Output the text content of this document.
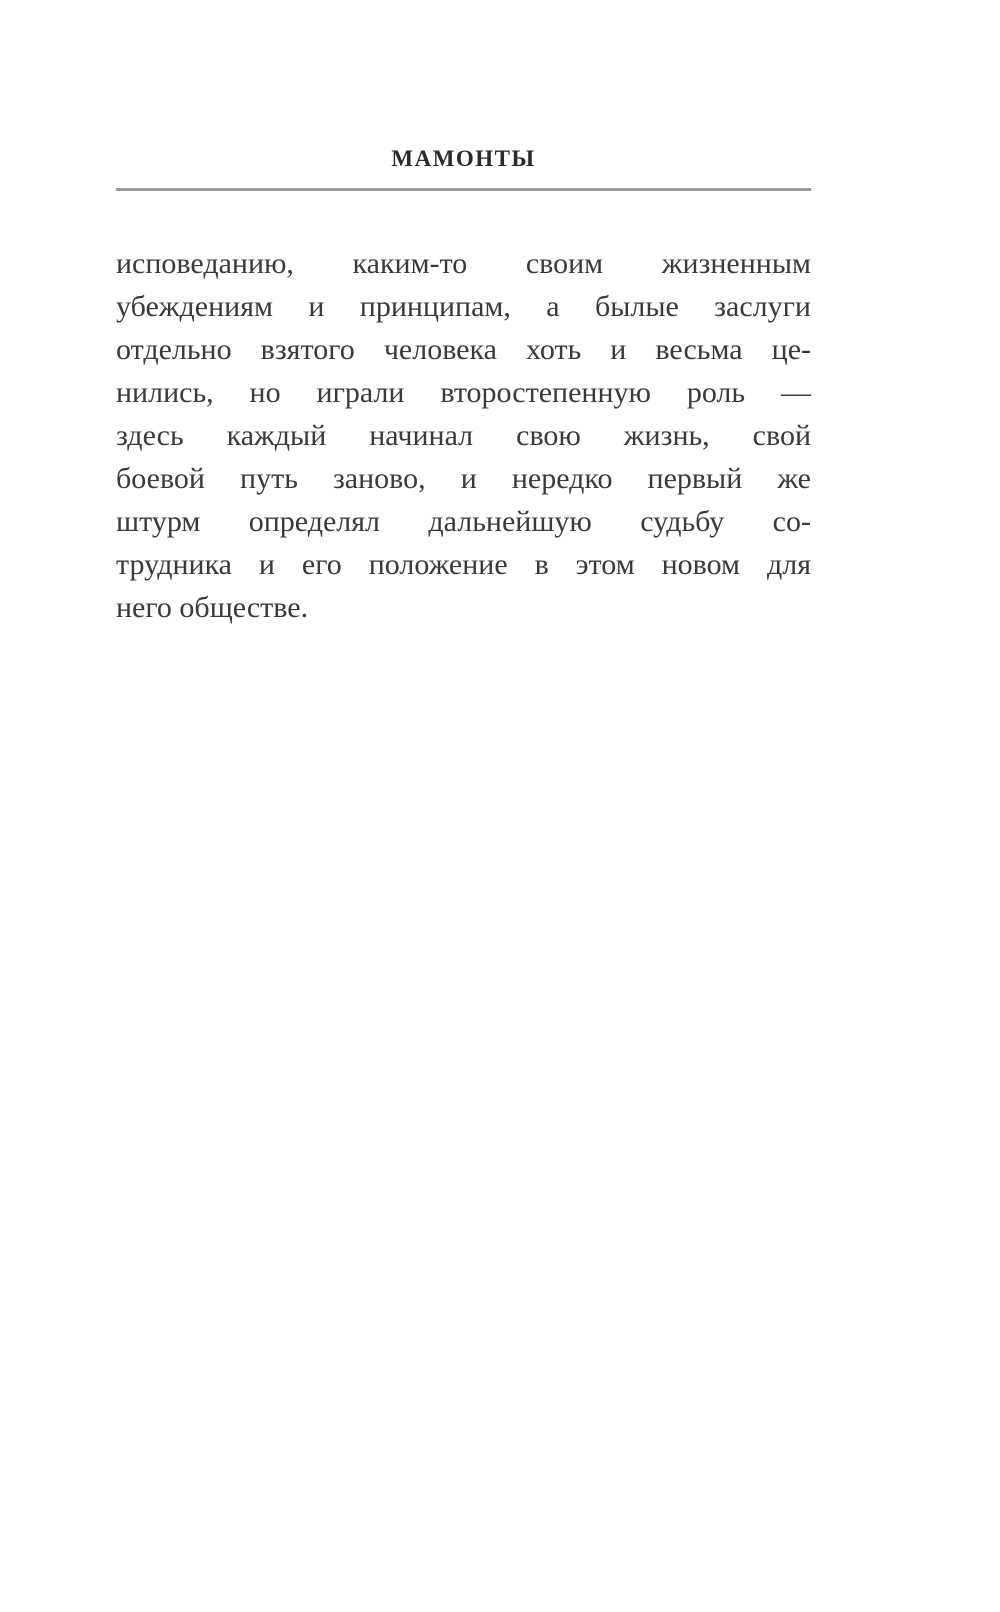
МАМОНТЫ
исповеданию, каким-то своим жизненным
убеждениям и принципам, а былые заслуги
отдельно взятого человека хоть и весьма це-
нились, но играли второстепенную роль —
здесь каждый начинал свою жизнь, свой
боевой путь заново, и нередко первый же
штурм определял дальнейшую судьбу со-
трудника и его положение в этом новом для
него обществе.
